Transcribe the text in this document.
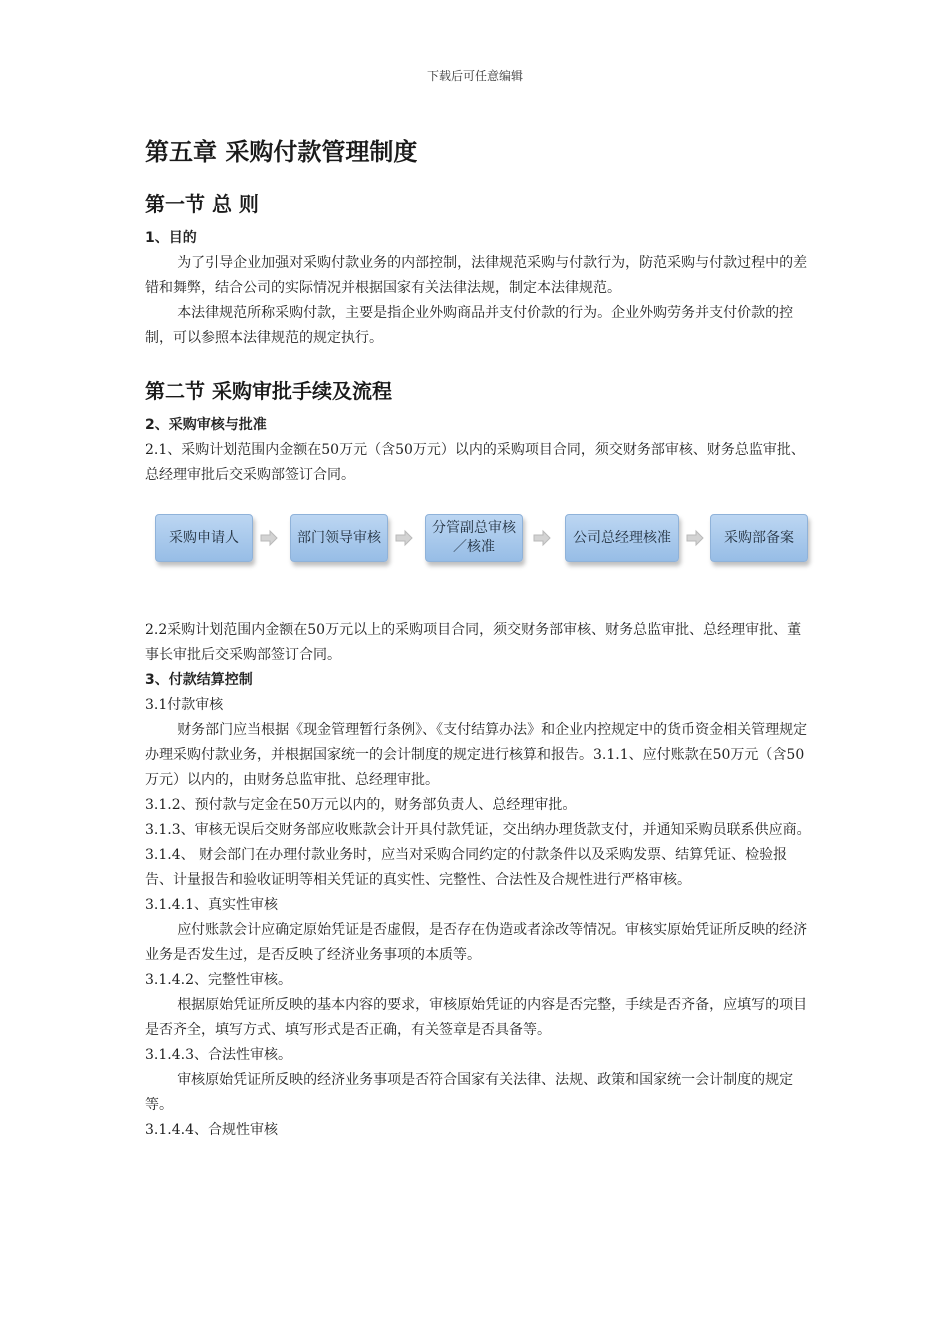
下载后可任意编辑
第五章 采购付款管理制度
第一节 总 则
1、目的

为了引导企业加强对采购付款业务的内部控制，法律规范采购与付款行为，防范采购与付款过程中的差错和舞弊，结合公司的实际情况并根据国家有关法律法规，制定本法律规范。

本法律规范所称采购付款，主要是指企业外购商品并支付价款的行为。企业外购劳务并支付价款的控制，可以参照本法律规范的规定执行。

第二节 采购审批手续及流程
2、采购审核与批准

2.1、采购计划范围内金额在50万元（含50万元）以内的采购项目合同，须交财务部审核、财务总监审批、总经理审批后交采购部签订合同。

采购申请人	部门领导审核
分管副总审核／核准
公司总经理核准	采购部备案

2.2采购计划范围内金额在50万元以上的采购项目合同，须交财务部审核、财务总监审批、总经理审批、董事长审批后交采购部签订合同。

3、付款结算控制

3.1付款审核

财务部门应当根据《现金管理暂行条例》、《支付结算办法》和企业内控规定中的货币资金相关管理规定办理采购付款业务，并根据国家统一的会计制度的规定进行核算和报告。3.1.1、应付账款在50万元（含50万元）以内的，由财务总监审批、总经理审批。

3.1.2、预付款与定金在50万元以内的，财务部负责人、总经理审批。

3.1.3、审核无误后交财务部应收账款会计开具付款凭证，交出纳办理货款支付，并通知采购员联系供应商。

3.1.4、 财会部门在办理付款业务时，应当对采购合同约定的付款条件以及采购发票、结算凭证、检验报告、计量报告和验收证明等相关凭证的真实性、完整性、合法性及合规性进行严格审核。

3.1.4.1、真实性审核

应付账款会计应确定原始凭证是否虚假，是否存在伪造或者涂改等情况。审核实原始凭证所反映的经济业务是否发生过，是否反映了经济业务事项的本质等。

3.1.4.2、完整性审核。

根据原始凭证所反映的基本内容的要求，审核原始凭证的内容是否完整，手续是否齐备，应填写的项目是否齐全，填写方式、填写形式是否正确，有关签章是否具备等。

3.1.4.3、合法性审核。

审核原始凭证所反映的经济业务事项是否符合国家有关法律、法规、政策和国家统一会计制度的规定等。

3.1.4.4、合规性审核
